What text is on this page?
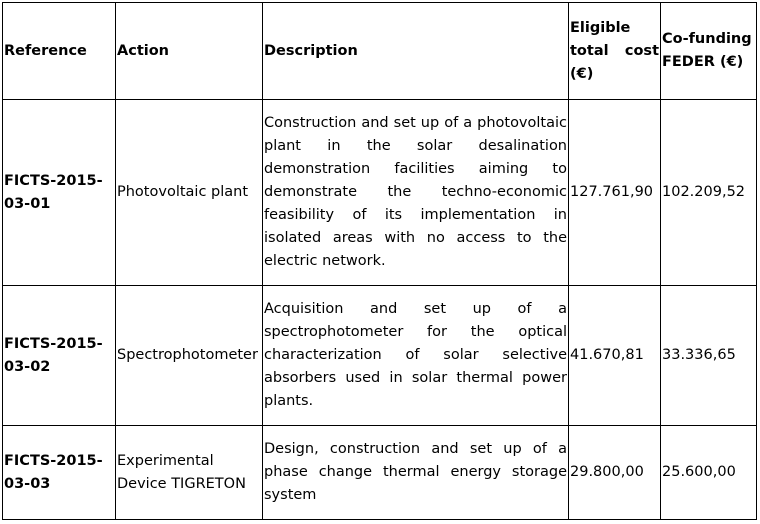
Reference	Action	Description	Eligible total cost (€)	Co-funding FEDER (€)
FICTS-2015-03-01	Photovoltaic plant	Construction and set up of a photovoltaic plant in the solar desalination demonstration facilities aiming to demonstrate the techno-economic feasibility of its implementation in isolated areas with no access to the electric network.	127.761,90	102.209,52
FICTS-2015-03-02	Spectrophotometer	Acquisition and set up of a spectrophotometer for the optical characterization of solar selective absorbers used in solar thermal power plants.	41.670,81	33.336,65
FICTS-2015-03-03	Experimental Device TIGRETON	Design, construction and set up of a phase change thermal energy storage system	29.800,00	25.600,00
